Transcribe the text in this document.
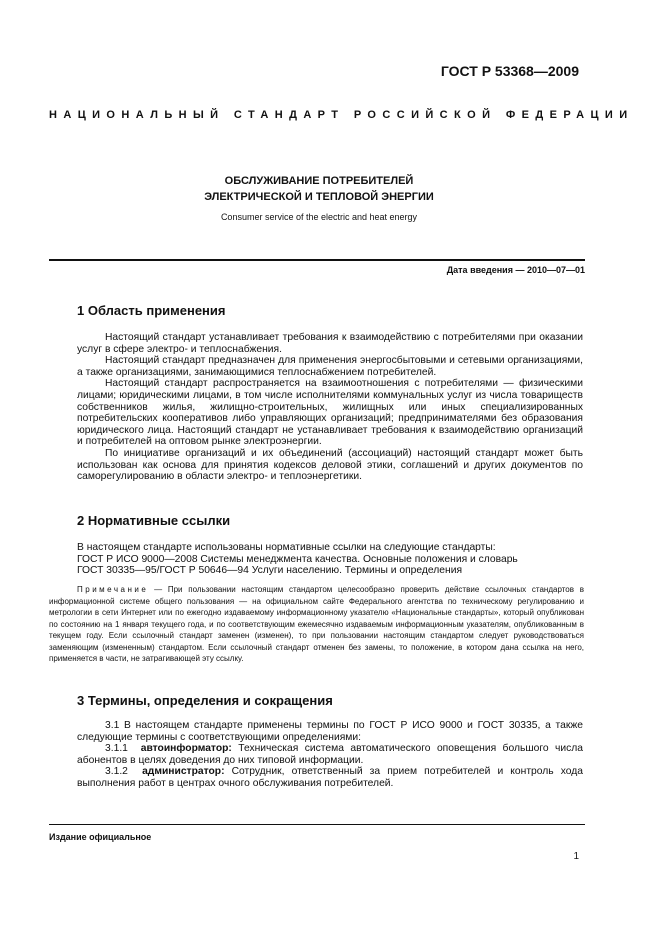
ГОСТ Р 53368—2009
НАЦИОНАЛЬНЫЙ СТАНДАРТ РОССИЙСКОЙ ФЕДЕРАЦИИ
ОБСЛУЖИВАНИЕ ПОТРЕБИТЕЛЕЙ
ЭЛЕКТРИЧЕСКОЙ И ТЕПЛОВОЙ ЭНЕРГИИ
Consumer service of the electric and heat energy
Дата введения — 2010—07—01
1 Область применения

Настоящий стандарт устанавливает требования к взаимодействию с потребителями при оказании услуг в сфере электро- и теплоснабжения.

Настоящий стандарт предназначен для применения энергосбытовыми и сетевыми организациями, а также организациями, занимающимися теплоснабжением потребителей.

Настоящий стандарт распространяется на взаимоотношения с потребителями — физическими лицами; юридическими лицами, в том числе исполнителями коммунальных услуг из числа товариществ собственников жилья, жилищно-строительных, жилищных или иных специализированных потребительских кооперативов либо управляющих организаций; предпринимателями без образования юридического лица. Настоящий стандарт не устанавливает требования к взаимодействию организаций и потребителей на оптовом рынке электроэнергии.

По инициативе организаций и их объединений (ассоциаций) настоящий стандарт может быть использован как основа для принятия кодексов деловой этики, соглашений и других документов по саморегулированию в области электро- и теплоэнергетики.

2 Нормативные ссылки

В настоящем стандарте использованы нормативные ссылки на следующие стандарты:

ГОСТ Р ИСО 9000—2008 Системы менеджмента качества. Основные положения и словарь

ГОСТ 30335—95/ГОСТ Р 50646—94 Услуги населению. Термины и определения

Примечание — При пользовании настоящим стандартом целесообразно проверить действие ссылочных стандартов в информационной системе общего пользования — на официальном сайте Федерального агентства по техническому регулированию и метрологии в сети Интернет или по ежегодно издаваемому информационному указателю «Национальные стандарты», который опубликован по состоянию на 1 января текущего года, и по соответствующим ежемесячно издаваемым информационным указателям, опубликованным в текущем году. Если ссылочный стандарт заменен (изменен), то при пользовании настоящим стандартом следует руководствоваться заменяющим (измененным) стандартом. Если ссылочный стандарт отменен без замены, то положение, в котором дана ссылка на него, применяется в части, не затрагивающей эту ссылку.

3 Термины, определения и сокращения

3.1 В настоящем стандарте применены термины по ГОСТ Р ИСО 9000 и ГОСТ 30335, а также следующие термины с соответствующими определениями:

3.1.1 автоинформатор: Техническая система автоматического оповещения большого числа абонентов в целях доведения до них типовой информации.

3.1.2 администратор: Сотрудник, ответственный за прием потребителей и контроль хода выполнения работ в центрах очного обслуживания потребителей.

Издание официальное
1
